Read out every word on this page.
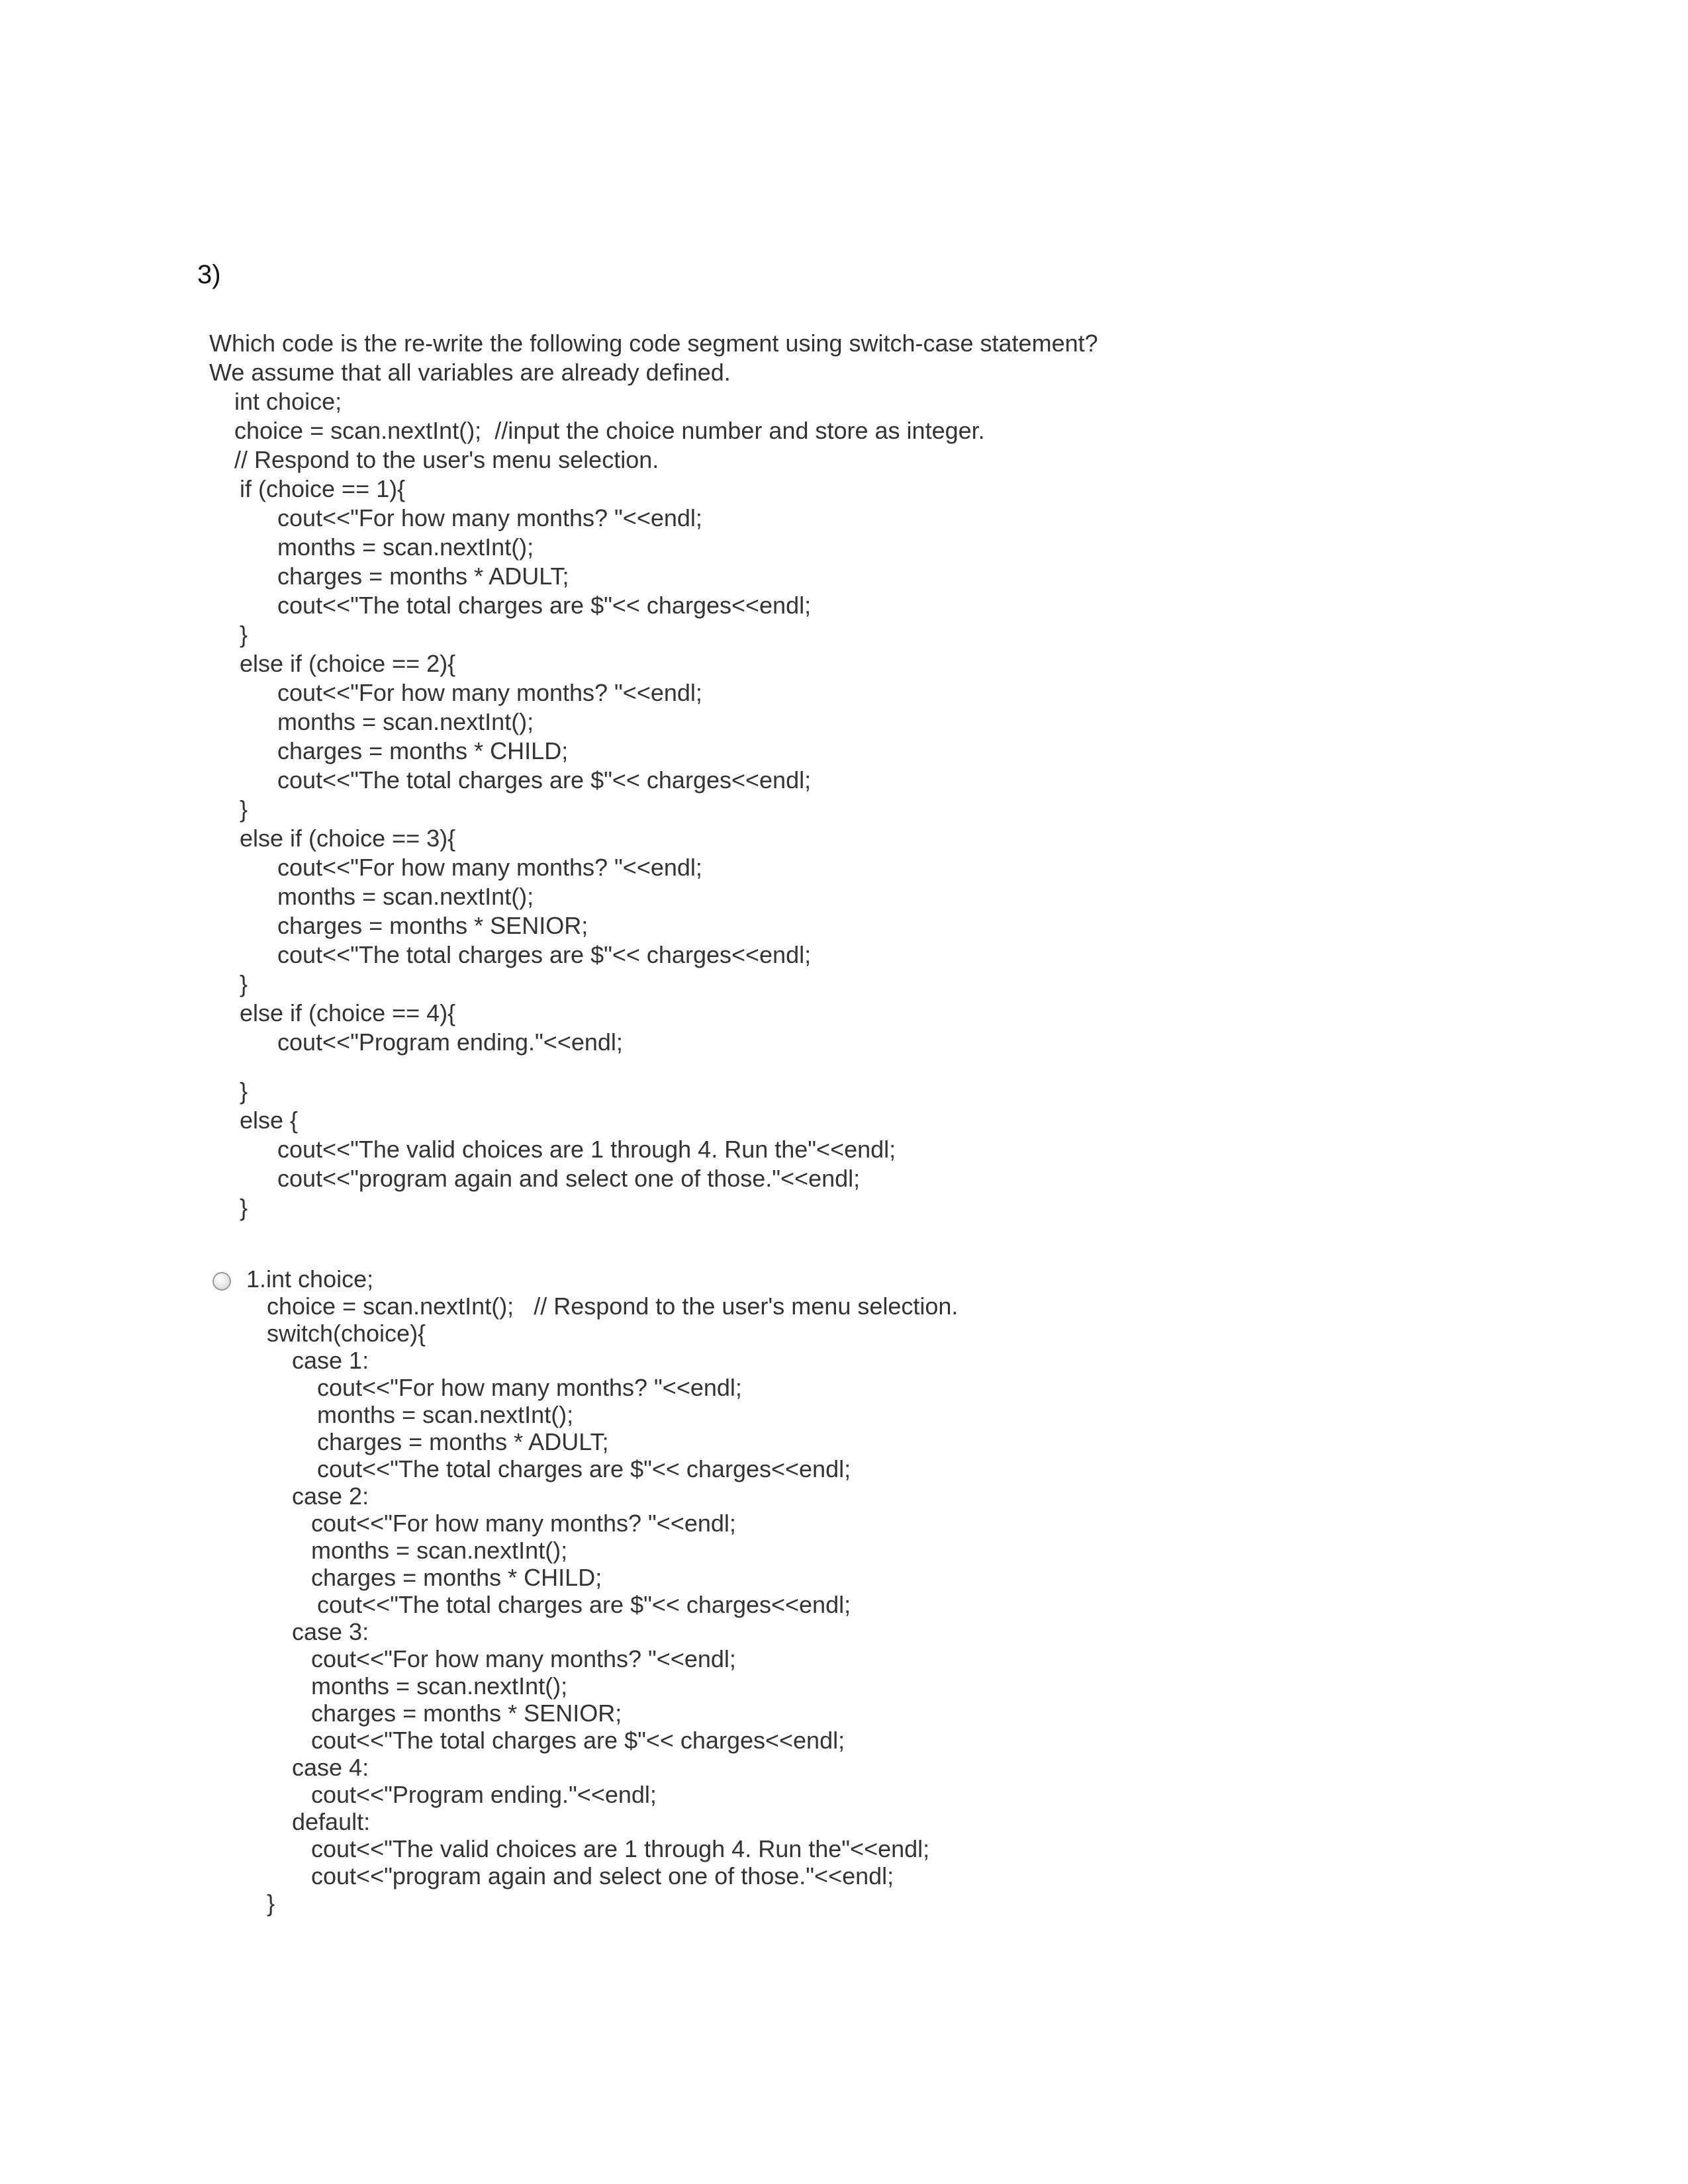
3)
Which code is the re-write the following code segment using switch-case statement?
We assume that all variables are already defined.
int choice;
choice = scan.nextInt();  //input the choice number and store as integer.
// Respond to the user's menu selection.
if (choice == 1){
cout<<"For how many months? "<<endl;
months = scan.nextInt();
charges = months * ADULT;
cout<<"The total charges are $"<< charges<<endl;
}
else if (choice == 2){
cout<<"For how many months? "<<endl;
months = scan.nextInt();
charges = months * CHILD;
cout<<"The total charges are $"<< charges<<endl;
}
else if (choice == 3){
cout<<"For how many months? "<<endl;
months = scan.nextInt();
charges = months * SENIOR;
cout<<"The total charges are $"<< charges<<endl;
}
else if (choice == 4){
cout<<"Program ending."<<endl;
}
else {
cout<<"The valid choices are 1 through 4. Run the"<<endl;
cout<<"program again and select one of those."<<endl;
}
1.int choice;
choice = scan.nextInt();   // Respond to the user's menu selection.
switch(choice){
case 1:
cout<<"For how many months? "<<endl;
months = scan.nextInt();
charges = months * ADULT;
cout<<"The total charges are $"<< charges<<endl;
case 2:
cout<<"For how many months? "<<endl;
months = scan.nextInt();
charges = months * CHILD;
cout<<"The total charges are $"<< charges<<endl;
case 3:
cout<<"For how many months? "<<endl;
months = scan.nextInt();
charges = months * SENIOR;
cout<<"The total charges are $"<< charges<<endl;
case 4:
cout<<"Program ending."<<endl;
default:
cout<<"The valid choices are 1 through 4. Run the"<<endl;
cout<<"program again and select one of those."<<endl;
}
